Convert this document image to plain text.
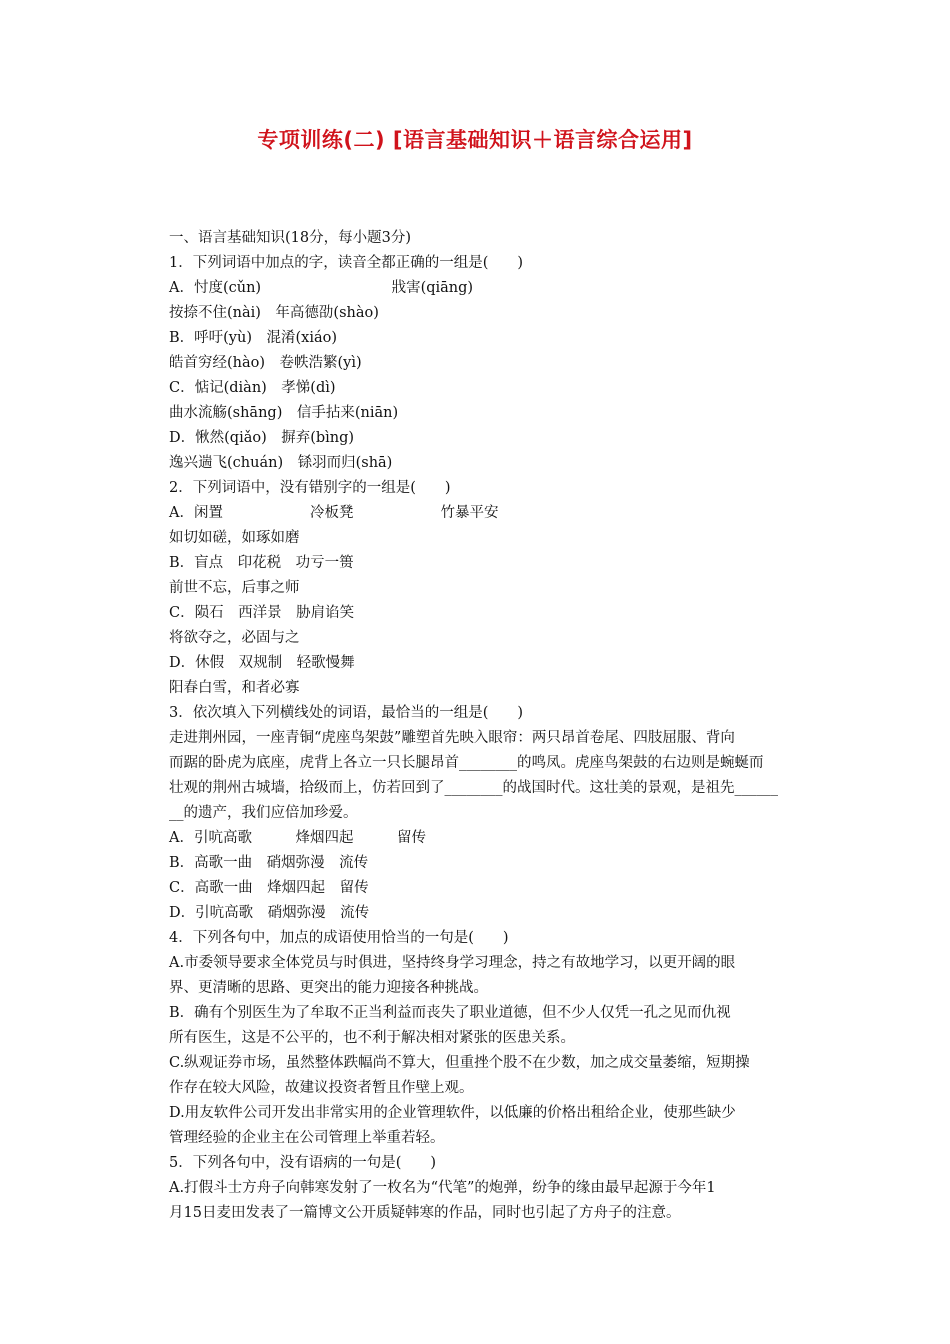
专项训练(二) [语言基础知识＋语言综合运用]
一、语言基础知识(18分，每小题3分)
1．下列词语中加点的字，读音全都正确的一组是(　　)
A．忖度(cǔn)　　　　　　　　　戕害(qiāng)
按捺不住(nài)　年高德劭(shào)
B．呼吁(yù)　混淆(xiáo)
皓首穷经(hào)　卷帙浩繁(yì)
C．惦记(diàn)　孝悌(dì)
曲水流觞(shāng)　信手拈来(niān)
D．愀然(qiǎo)　摒弃(bìng)
逸兴遄飞(chuán)　铩羽而归(shā)
2．下列词语中，没有错别字的一组是(　　)
A．闲置　　　　　　冷板凳　　　　　　竹暴平安
如切如磋，如琢如磨
B．盲点　印花税　功亏一篑
前世不忘，后事之师
C．陨石　西洋景　胁肩谄笑
将欲夺之，必固与之
D．休假　双规制　轻歌慢舞
阳春白雪，和者必寡
3．依次填入下列横线处的词语，最恰当的一组是(　　)
走进荆州园，一座青铜“虎座鸟架鼓”雕塑首先映入眼帘：两只昂首卷尾、四肢屈服、背向
而踞的卧虎为底座，虎背上各立一只长腿昂首________的鸣凤。虎座鸟架鼓的右边则是蜿蜒而
壮观的荆州古城墙，拾级而上，仿若回到了________的战国时代。这壮美的景观，是祖先______
__的遗产，我们应倍加珍爱。
A．引吭高歌　　　烽烟四起　　　留传
B．高歌一曲　硝烟弥漫　流传
C．高歌一曲　烽烟四起　留传
D．引吭高歌　硝烟弥漫　流传
4．下列各句中，加点的成语使用恰当的一句是(　　)
A.市委领导要求全体党员与时俱进，坚持终身学习理念，持之有故地学习，以更开阔的眼
界、更清晰的思路、更突出的能力迎接各种挑战。
B．确有个别医生为了牟取不正当利益而丧失了职业道德，但不少人仅凭一孔之见而仇视
所有医生，这是不公平的，也不利于解决相对紧张的医患关系。
C.纵观证券市场，虽然整体跌幅尚不算大，但重挫个股不在少数，加之成交量萎缩，短期操
作存在较大风险，故建议投资者暂且作壁上观。
D.用友软件公司开发出非常实用的企业管理软件，以低廉的价格出租给企业，使那些缺少
管理经验的企业主在公司管理上举重若轻。
5．下列各句中，没有语病的一句是(　　)
A.打假斗士方舟子向韩寒发射了一枚名为“代笔”的炮弹，纷争的缘由最早起源于今年1
月15日麦田发表了一篇博文公开质疑韩寒的作品，同时也引起了方舟子的注意。
